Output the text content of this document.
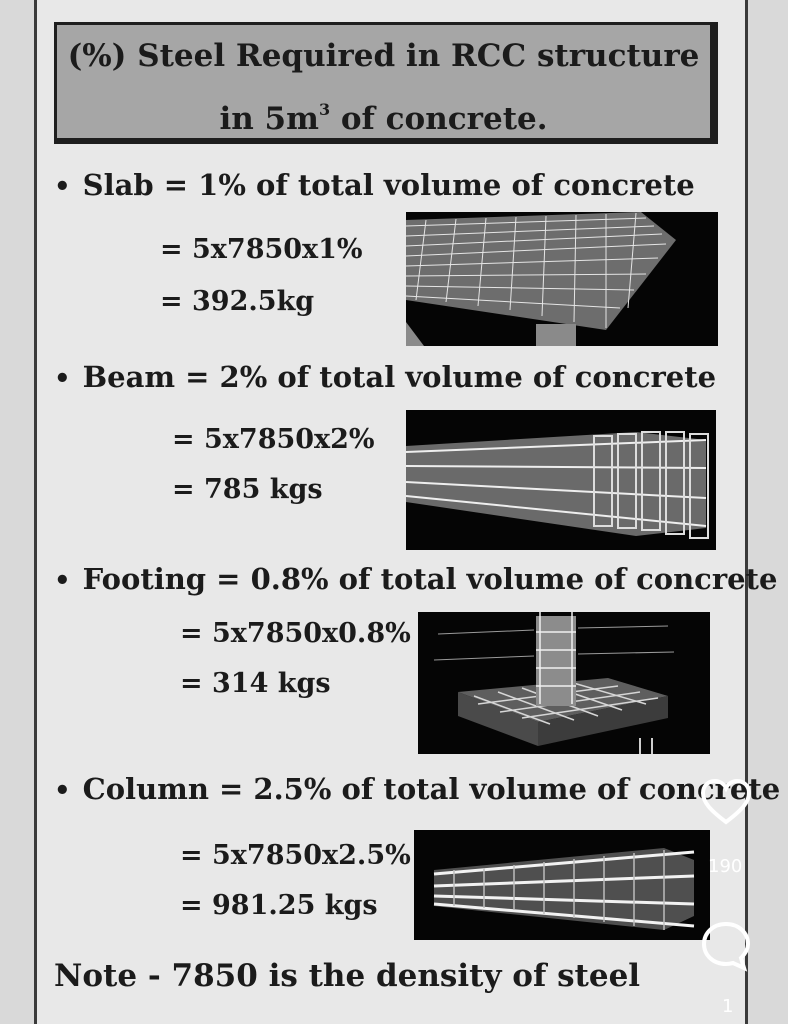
(%) Steel Required in RCC structure
in $5m^3$ of concrete.
• Slab = 1% of total volume of concrete
= 5x7850x1%
= 392.5kg
• Beam = 2% of total volume of concrete
= 5x7850x2%
= 785 kgs
• Footing = 0.8% of total volume of concrete
= 5x7850x0.8%
= 314 kgs
• Column = 2.5% of total volume of concrete
= 5x7850x2.5%
= 981.25 kgs
Note - 7850 is the density of steel
190
1
